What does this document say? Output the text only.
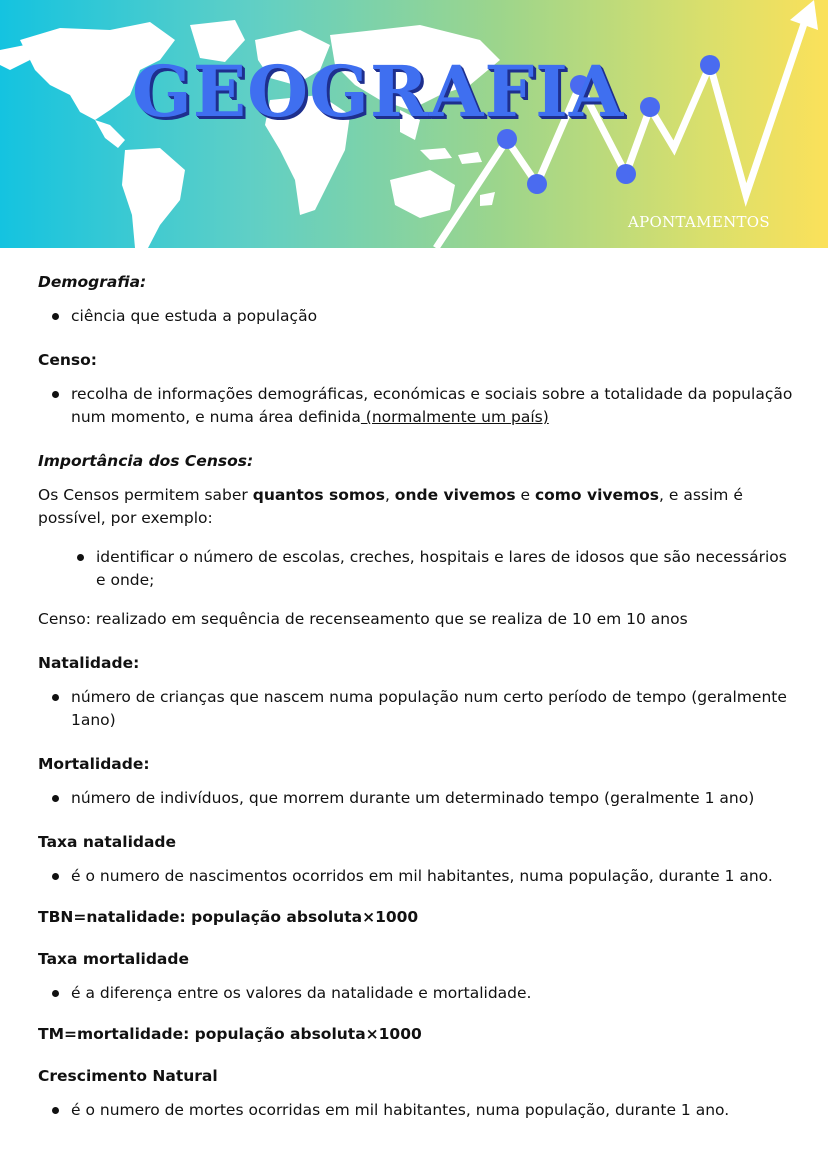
GEOGRAFIA
APONTAMENTOS
Demografia:
ciência que estuda a população
Censo:
recolha de informações demográficas, económicas e sociais sobre a totalidade da população num momento, e numa área definida (normalmente um país)
Importância dos Censos:

Os Censos permitem saber quantos somos, onde vivemos e como vivemos, e assim é possível, por exemplo:

identificar o número de escolas, creches, hospitais e lares de idosos que são necessários e onde;

Censo: realizado em sequência de recenseamento que se realiza de 10 em 10 anos

Natalidade:
número de crianças que nascem numa população num certo período de tempo (geralmente 1ano)
Mortalidade:
número de indivíduos, que morrem durante um determinado tempo (geralmente 1 ano)
Taxa natalidade
é o numero de nascimentos ocorridos em mil habitantes, numa população, durante 1 ano.
TBN=natalidade: população absoluta×1000
Taxa mortalidade
é a diferença entre os valores da natalidade e mortalidade.
TM=mortalidade: população absoluta×1000
Crescimento Natural
é o numero de mortes ocorridas em mil habitantes, numa população, durante 1 ano.
